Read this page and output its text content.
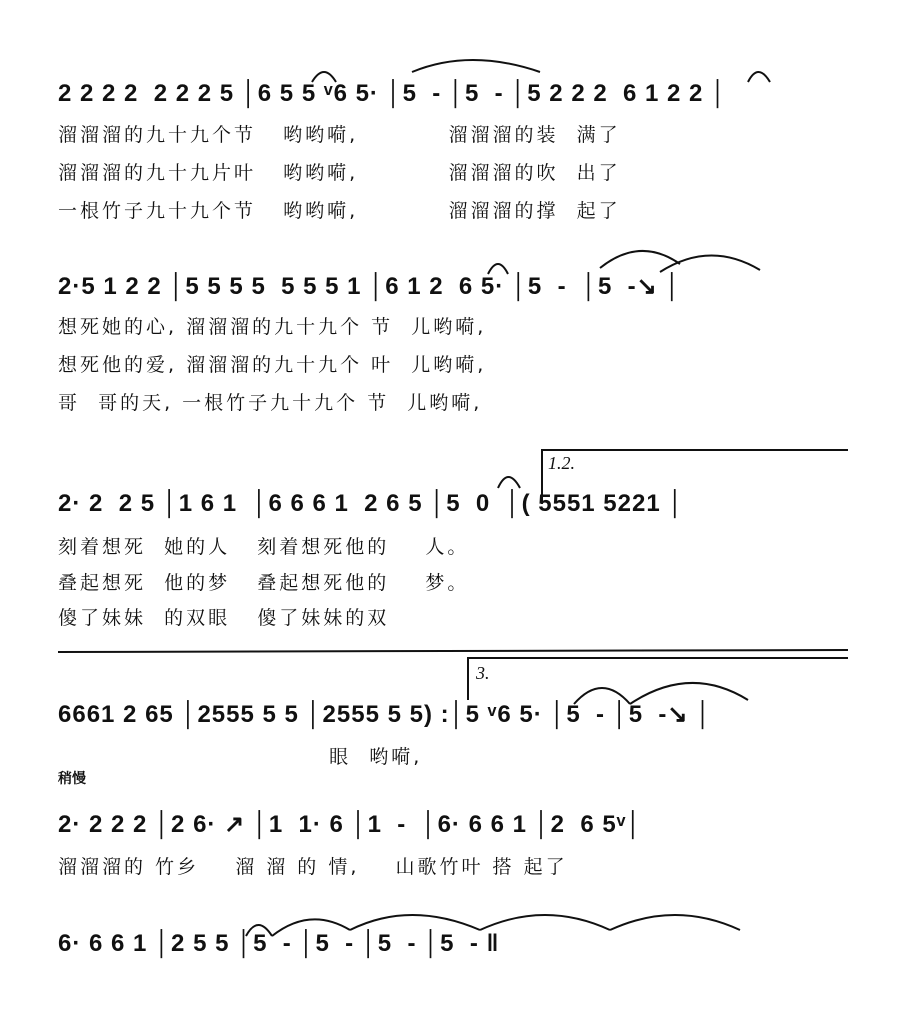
2 2 2 2  2 2 2 5 │6 5 5 ᵛ6 5· │5  - │5  - │5 2 2 2  6 1 2 2 │
溜溜溜的九十九个节   哟哟嗬,          溜溜溜的装  满了
溜溜溜的九十九片叶   哟哟嗬,          溜溜溜的吹  出了
一根竹子九十九个节   哟哟嗬,          溜溜溜的撑  起了
2·5 1 2 2 │5 5 5 5  5 5 5 1 │6 1 2  6 5· │5  -  │5  -↘ │
想死她的心, 溜溜溜的九十九个 节  儿哟嗬,
想死他的爱, 溜溜溜的九十九个 叶  儿哟嗬,
哥  哥的天, 一根竹子九十九个 节  儿哟嗬,
1.2.
2· 2  2 5 │1 6 1  │6 6 6 1  2 6 5 │5  0  │( 5551 5221 │
刻着想死  她的人   刻着想死他的    人。
叠起想死  他的梦   叠起想死他的    梦。
傻了妹妹  的双眼   傻了妹妹的双
3.
6661 2 65 │2555 5 5 │2555 5 5) :│5 ᵛ6 5· │5  - │5  -↘ │
眼  哟嗬,
稍慢
2· 2 2 2 │2 6· ↗ │1  1· 6 │1  -  │6· 6 6 1 │2  6 5ᵛ│
溜溜溜的 竹乡    溜 溜 的 情,    山歌竹叶 搭 起了
6· 6 6 1 │2 5 5 │5  - │5  - │5  - │5  - ‖
